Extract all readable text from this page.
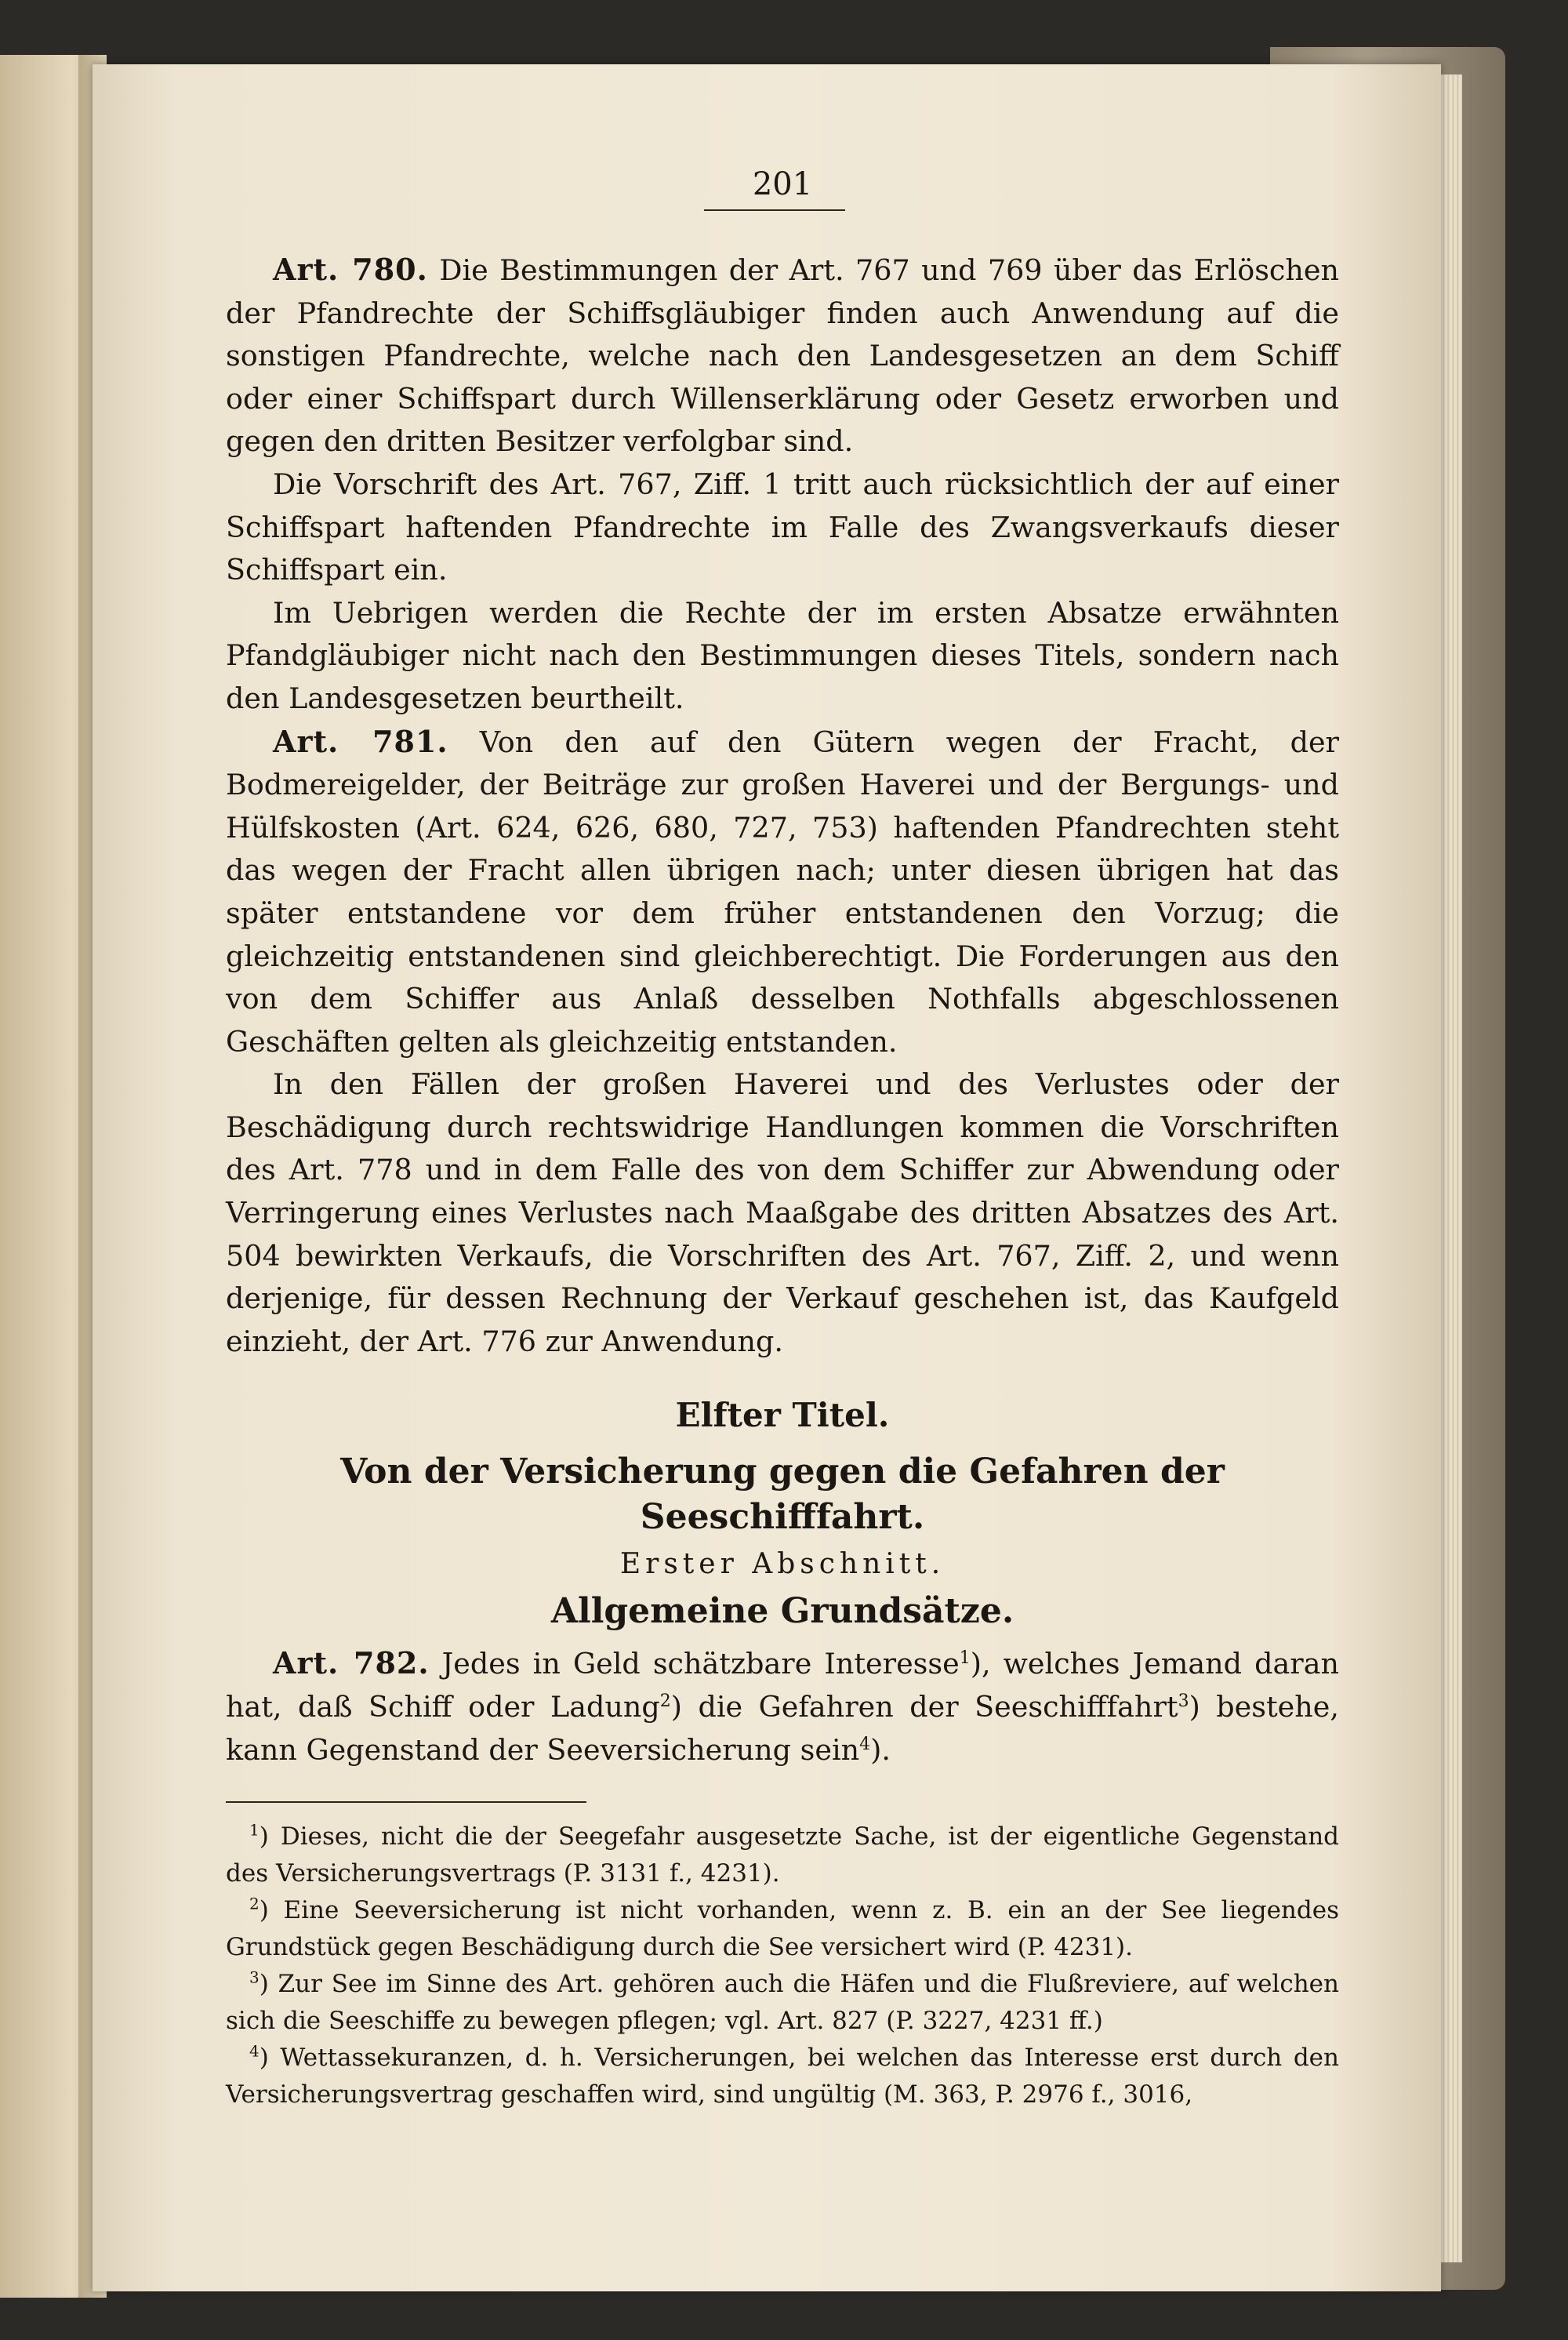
201

Art. 780. Die Bestimmungen der Art. 767 und 769 über das Erlöschen der Pfandrechte der Schiffsgläubiger finden auch Anwendung auf die sonstigen Pfandrechte, welche nach den Landesgesetzen an dem Schiff oder einer Schiffspart durch Willenserklärung oder Gesetz erworben und gegen den dritten Besitzer verfolgbar sind.

Die Vorschrift des Art. 767, Ziff. 1 tritt auch rücksichtlich der auf einer Schiffspart haftenden Pfandrechte im Falle des Zwangsverkaufs dieser Schiffspart ein.

Im Uebrigen werden die Rechte der im ersten Absatze erwähnten Pfandgläubiger nicht nach den Bestimmungen dieses Titels, sondern nach den Landesgesetzen beurtheilt.

Art. 781. Von den auf den Gütern wegen der Fracht, der Bodmereigelder, der Beiträge zur großen Haverei und der Bergungs- und Hülfskosten (Art. 624, 626, 680, 727, 753) haftenden Pfandrechten steht das wegen der Fracht allen übrigen nach; unter diesen übrigen hat das später entstandene vor dem früher entstandenen den Vorzug; die gleichzeitig entstandenen sind gleichberechtigt. Die Forderungen aus den von dem Schiffer aus Anlaß desselben Nothfalls abgeschlossenen Geschäften gelten als gleichzeitig entstanden.

In den Fällen der großen Haverei und des Verlustes oder der Beschädigung durch rechtswidrige Handlungen kommen die Vorschriften des Art. 778 und in dem Falle des von dem Schiffer zur Abwendung oder Verringerung eines Verlustes nach Maaßgabe des dritten Absatzes des Art. 504 bewirkten Verkaufs, die Vorschriften des Art. 767, Ziff. 2, und wenn derjenige, für dessen Rechnung der Verkauf geschehen ist, das Kaufgeld einzieht, der Art. 776 zur Anwendung.

Elfter Titel.

Von der Versicherung gegen die Gefahren der Seeschifffahrt.

Erster Abschnitt.

Allgemeine Grundsätze.

Art. 782. Jedes in Geld schätzbare Interesse$^1$), welches Jemand daran hat, daß Schiff oder Ladung$^2$) die Gefahren der Seeschifffahrt$^3$) bestehe, kann Gegenstand der Seeversicherung sein$^4$).

$^1$) Dieses, nicht die der Seegefahr ausgesetzte Sache, ist der eigentliche Gegenstand des Versicherungsvertrags (P. 3131 f., 4231).

$^2$) Eine Seeversicherung ist nicht vorhanden, wenn z. B. ein an der See liegendes Grundstück gegen Beschädigung durch die See versichert wird (P. 4231).

$^3$) Zur See im Sinne des Art. gehören auch die Häfen und die Flußreviere, auf welchen sich die Seeschiffe zu bewegen pflegen; vgl. Art. 827 (P. 3227, 4231 ff.)

$^4$) Wettassekuranzen, d. h. Versicherungen, bei welchen das Interesse erst durch den Versicherungsvertrag geschaffen wird, sind ungültig (M. 363, P. 2976 f., 3016,
